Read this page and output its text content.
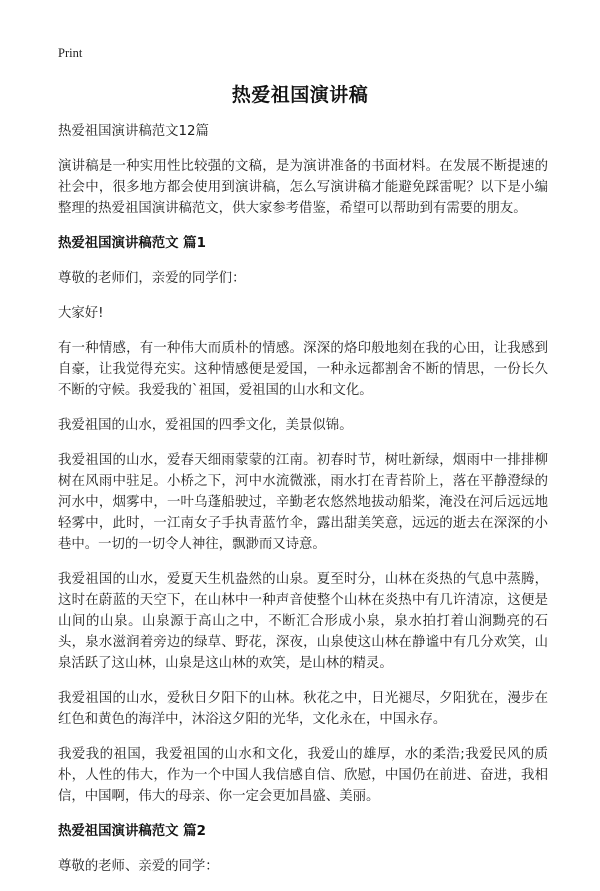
Print
热爱祖国演讲稿

热爱祖国演讲稿范文12篇

演讲稿是一种实用性比较强的文稿，是为演讲准备的书面材料。在发展不断提速的社会中，很多地方都会使用到演讲稿，怎么写演讲稿才能避免踩雷呢？以下是小编整理的热爱祖国演讲稿范文，供大家参考借鉴，希望可以帮助到有需要的朋友。

热爱祖国演讲稿范文 篇1

尊敬的老师们，亲爱的同学们：

大家好!

有一种情感，有一种伟大而质朴的情感。深深的烙印般地刻在我的心田，让我感到自豪，让我觉得充实。这种情感便是爱国，一种永远都割舍不断的情思，一份长久不断的守候。我爱我的`祖国，爱祖国的山水和文化。

我爱祖国的山水，爱祖国的四季文化，美景似锦。

我爱祖国的山水，爱春天细雨蒙蒙的江南。初春时节，树吐新绿，烟雨中一排排柳树在风雨中驻足。小桥之下，河中水流微涨，雨水打在青苔阶上，落在平静澄绿的河水中，烟雾中，一叶乌蓬船驶过，辛勤老农悠然地拔动船桨，淹没在河后远远地轻雾中，此时，一江南女子手执青蓝竹伞，露出甜美笑意，远远的逝去在深深的小巷中。一切的一切令人神往，飘渺而又诗意。

我爱祖国的山水，爱夏天生机盎然的山泉。夏至时分，山林在炎热的气息中蒸腾，这时在蔚蓝的天空下，在山林中一种声音使整个山林在炎热中有几许清凉，这便是山间的山泉。山泉源于高山之中，不断汇合形成小泉，泉水拍打着山涧黝亮的石头，泉水滋润着旁边的绿草、野花，深夜，山泉使这山林在静谧中有几分欢笑，山泉活跃了这山林，山泉是这山林的欢笑，是山林的精灵。

我爱祖国的山水，爱秋日夕阳下的山林。秋花之中，日光褪尽，夕阳犹在，漫步在红色和黄色的海洋中，沐浴这夕阳的光华，文化永在，中国永存。

我爱我的祖国，我爱祖国的山水和文化，我爱山的雄厚，水的柔浩;我爱民风的质朴，人性的伟大，作为一个中国人我信感自信、欣慰，中国仍在前进、奋进，我相信，中国啊，伟大的母亲、你一定会更加昌盛、美丽。

热爱祖国演讲稿范文 篇2

尊敬的老师、亲爱的同学：
